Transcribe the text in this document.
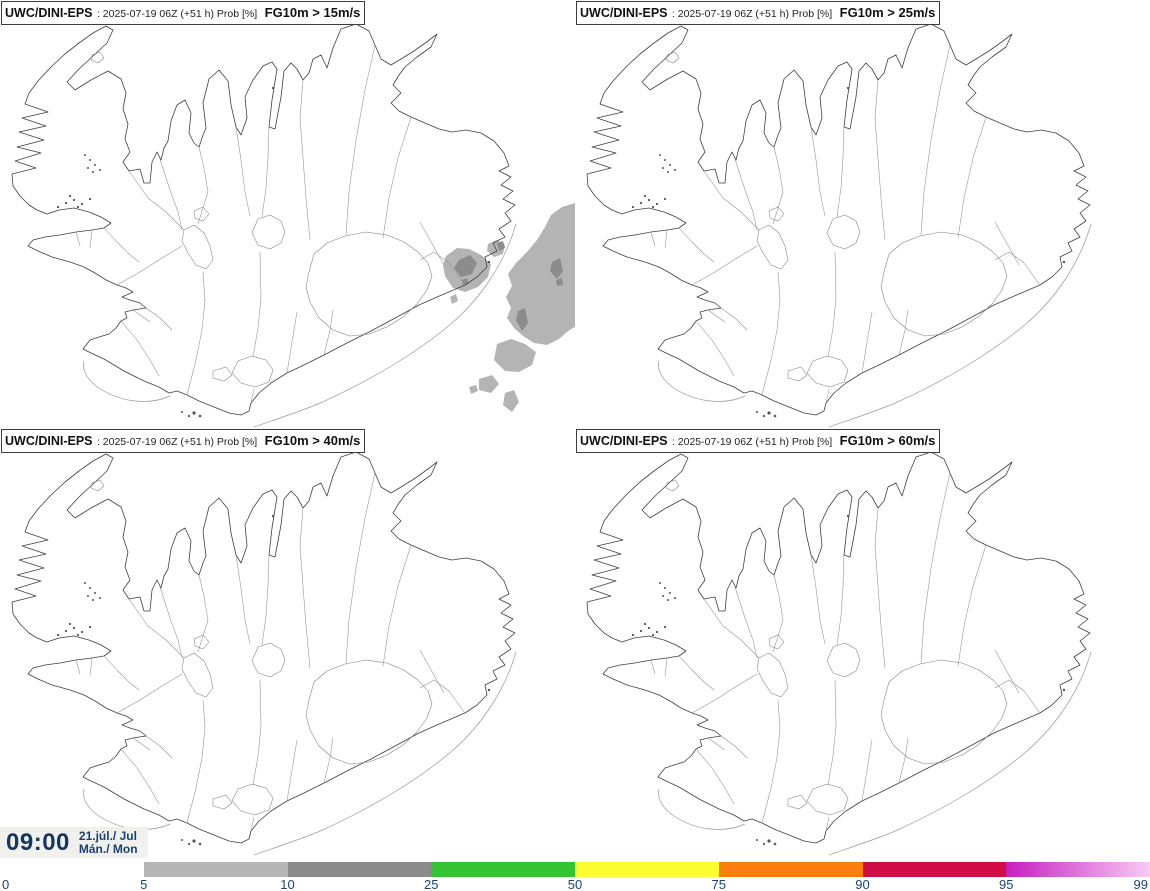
UWC/DINI-EPS : 2025-07-19 06Z (+51 h) Prob [%] FG10m > 15m/s	UWC/DINI-EPS : 2025-07-19 06Z (+51 h) Prob [%] FG10m > 25m/s
UWC/DINI-EPS : 2025-07-19 06Z (+51 h) Prob [%] FG10m > 40m/s	UWC/DINI-EPS : 2025-07-19 06Z (+51 h) Prob [%] FG10m > 60m/s
0	5	10	25	50	75	90	95	99
09:00 21.júl./ Jul
Mán./ Mon
